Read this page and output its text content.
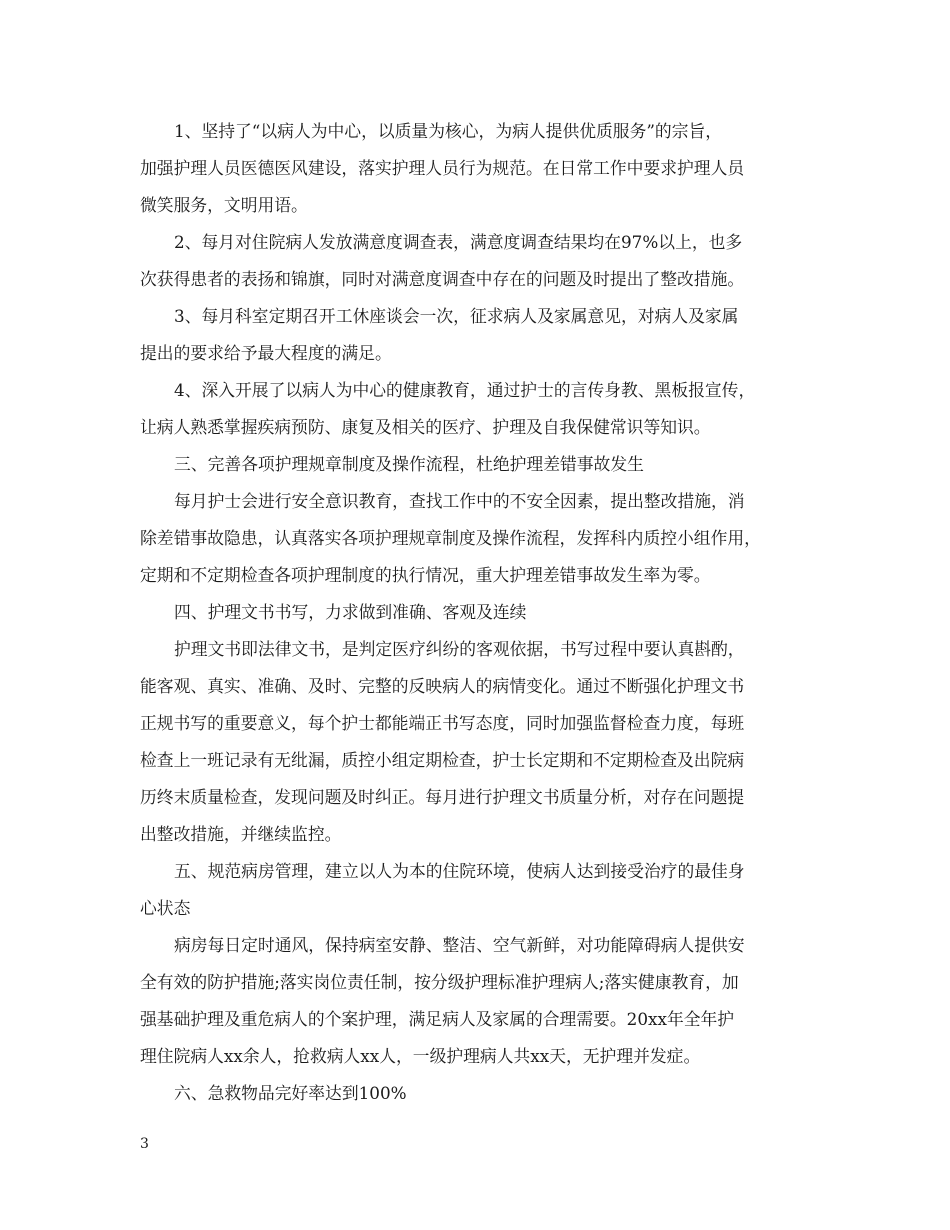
1、坚持了“以病人为中心，以质量为核心，为病人提供优质服务”的宗旨，
加强护理人员医德医风建设，落实护理人员行为规范。在日常工作中要求护理人员
微笑服务，文明用语。
2、每月对住院病人发放满意度调查表，满意度调查结果均在97%以上，也多
次获得患者的表扬和锦旗，同时对满意度调查中存在的问题及时提出了整改措施。
3、每月科室定期召开工休座谈会一次，征求病人及家属意见，对病人及家属
提出的要求给予最大程度的满足。
4、深入开展了以病人为中心的健康教育，通过护士的言传身教、黑板报宣传，
让病人熟悉掌握疾病预防、康复及相关的医疗、护理及自我保健常识等知识。
三、完善各项护理规章制度及操作流程，杜绝护理差错事故发生
每月护士会进行安全意识教育，查找工作中的不安全因素，提出整改措施，消
除差错事故隐患，认真落实各项护理规章制度及操作流程，发挥科内质控小组作用，
定期和不定期检查各项护理制度的执行情况，重大护理差错事故发生率为零。
四、护理文书书写，力求做到准确、客观及连续
护理文书即法律文书，是判定医疗纠纷的客观依据，书写过程中要认真斟酌，
能客观、真实、准确、及时、完整的反映病人的病情变化。通过不断强化护理文书
正规书写的重要意义，每个护士都能端正书写态度，同时加强监督检查力度，每班
检查上一班记录有无纰漏，质控小组定期检查，护士长定期和不定期检查及出院病
历终末质量检查，发现问题及时纠正。每月进行护理文书质量分析，对存在问题提
出整改措施，并继续监控。
五、规范病房管理，建立以人为本的住院环境，使病人达到接受治疗的最佳身
心状态
病房每日定时通风，保持病室安静、整洁、空气新鲜，对功能障碍病人提供安
全有效的防护措施;落实岗位责任制，按分级护理标准护理病人;落实健康教育，加
强基础护理及重危病人的个案护理，满足病人及家属的合理需要。20xx年全年护
理住院病人xx余人，抢救病人xx人，一级护理病人共xx天，无护理并发症。
六、急救物品完好率达到100%
3
